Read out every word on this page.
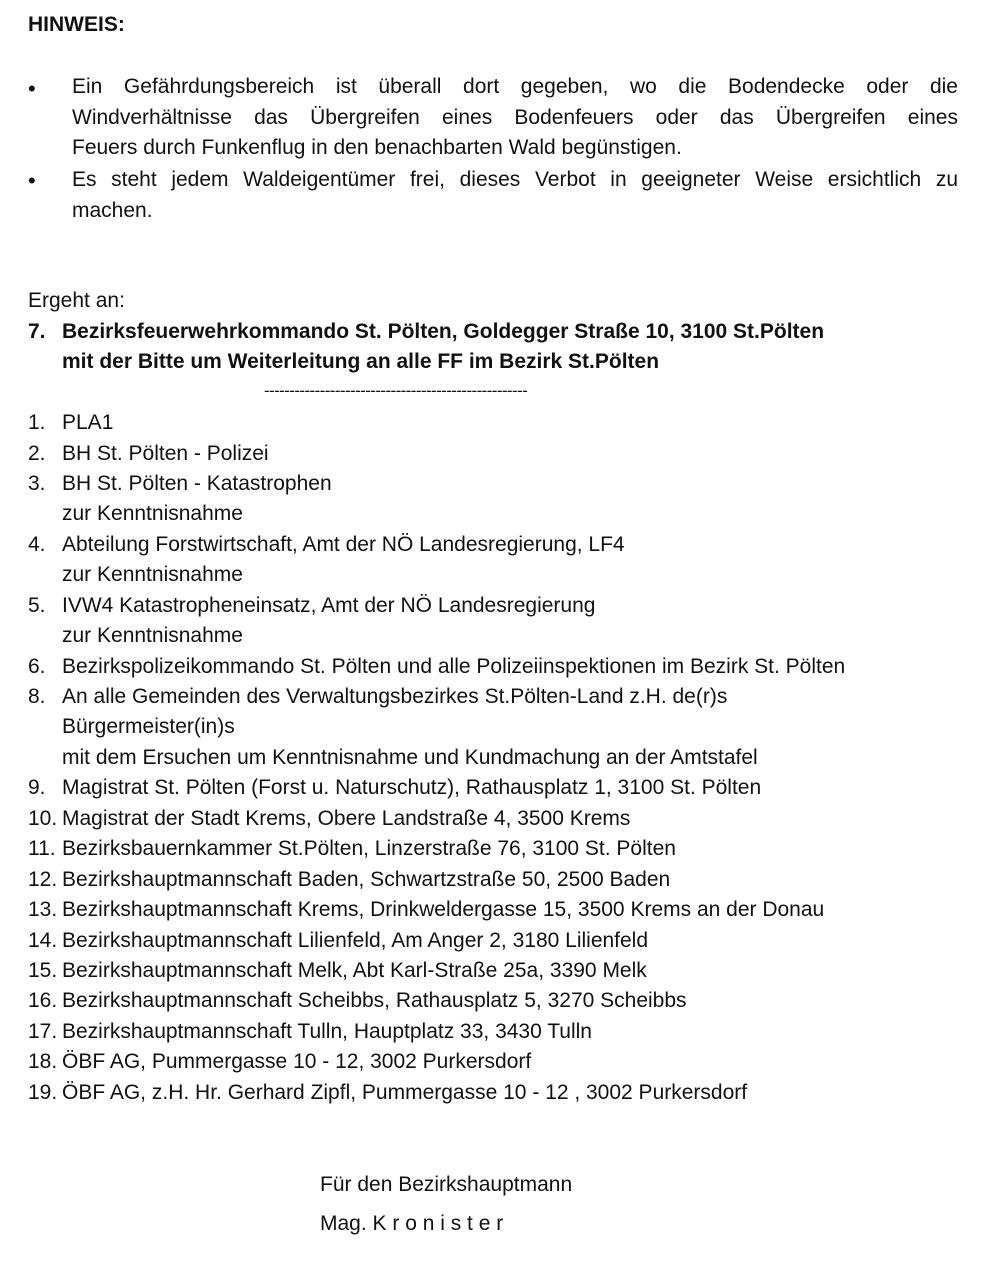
HINWEIS:
• Ein Gefährdungsbereich ist überall dort gegeben, wo die Bodendecke oder die
Windverhältnisse das Übergreifen eines Bodenfeuers oder das Übergreifen eines
Feuers durch Funkenflug in den benachbarten Wald begünstigen.
• Es steht jedem Waldeigentümer frei, dieses Verbot in geeigneter Weise ersichtlich zu
machen.
Ergeht an:
7. Bezirksfeuerwehrkommando St. Pölten, Goldegger Straße 10, 3100 St.Pölten
mit der Bitte um Weiterleitung an alle FF im Bezirk St.Pölten
----------------------------------------------------
1. PLA1
2. BH St. Pölten - Polizei
3. BH St. Pölten - Katastrophen
zur Kenntnisnahme
4. Abteilung Forstwirtschaft, Amt der NÖ Landesregierung, LF4
zur Kenntnisnahme
5. IVW4 Katastropheneinsatz, Amt der NÖ Landesregierung
zur Kenntnisnahme
6. Bezirkspolizeikommando St. Pölten und alle Polizeiinspektionen im Bezirk St. Pölten
8. An alle Gemeinden des Verwaltungsbezirkes St.Pölten-Land z.H. de(r)s
Bürgermeister(in)s
mit dem Ersuchen um Kenntnisnahme und Kundmachung an der Amtstafel
9. Magistrat St. Pölten (Forst u. Naturschutz), Rathausplatz 1, 3100 St. Pölten
10. Magistrat der Stadt Krems, Obere Landstraße 4, 3500 Krems
11. Bezirksbauernkammer St.Pölten, Linzerstraße 76, 3100 St. Pölten
12. Bezirkshauptmannschaft Baden, Schwartzstraße 50, 2500 Baden
13. Bezirkshauptmannschaft Krems, Drinkweldergasse 15, 3500 Krems an der Donau
14. Bezirkshauptmannschaft Lilienfeld, Am Anger 2, 3180 Lilienfeld
15. Bezirkshauptmannschaft Melk, Abt Karl-Straße 25a, 3390 Melk
16. Bezirkshauptmannschaft Scheibbs, Rathausplatz 5, 3270 Scheibbs
17. Bezirkshauptmannschaft Tulln, Hauptplatz 33, 3430 Tulln
18. ÖBF AG, Pummergasse 10 - 12, 3002 Purkersdorf
19. ÖBF AG, z.H. Hr. Gerhard Zipfl, Pummergasse 10 - 12 , 3002 Purkersdorf
Für den Bezirkshauptmann
Mag. K r o n i s t e r
